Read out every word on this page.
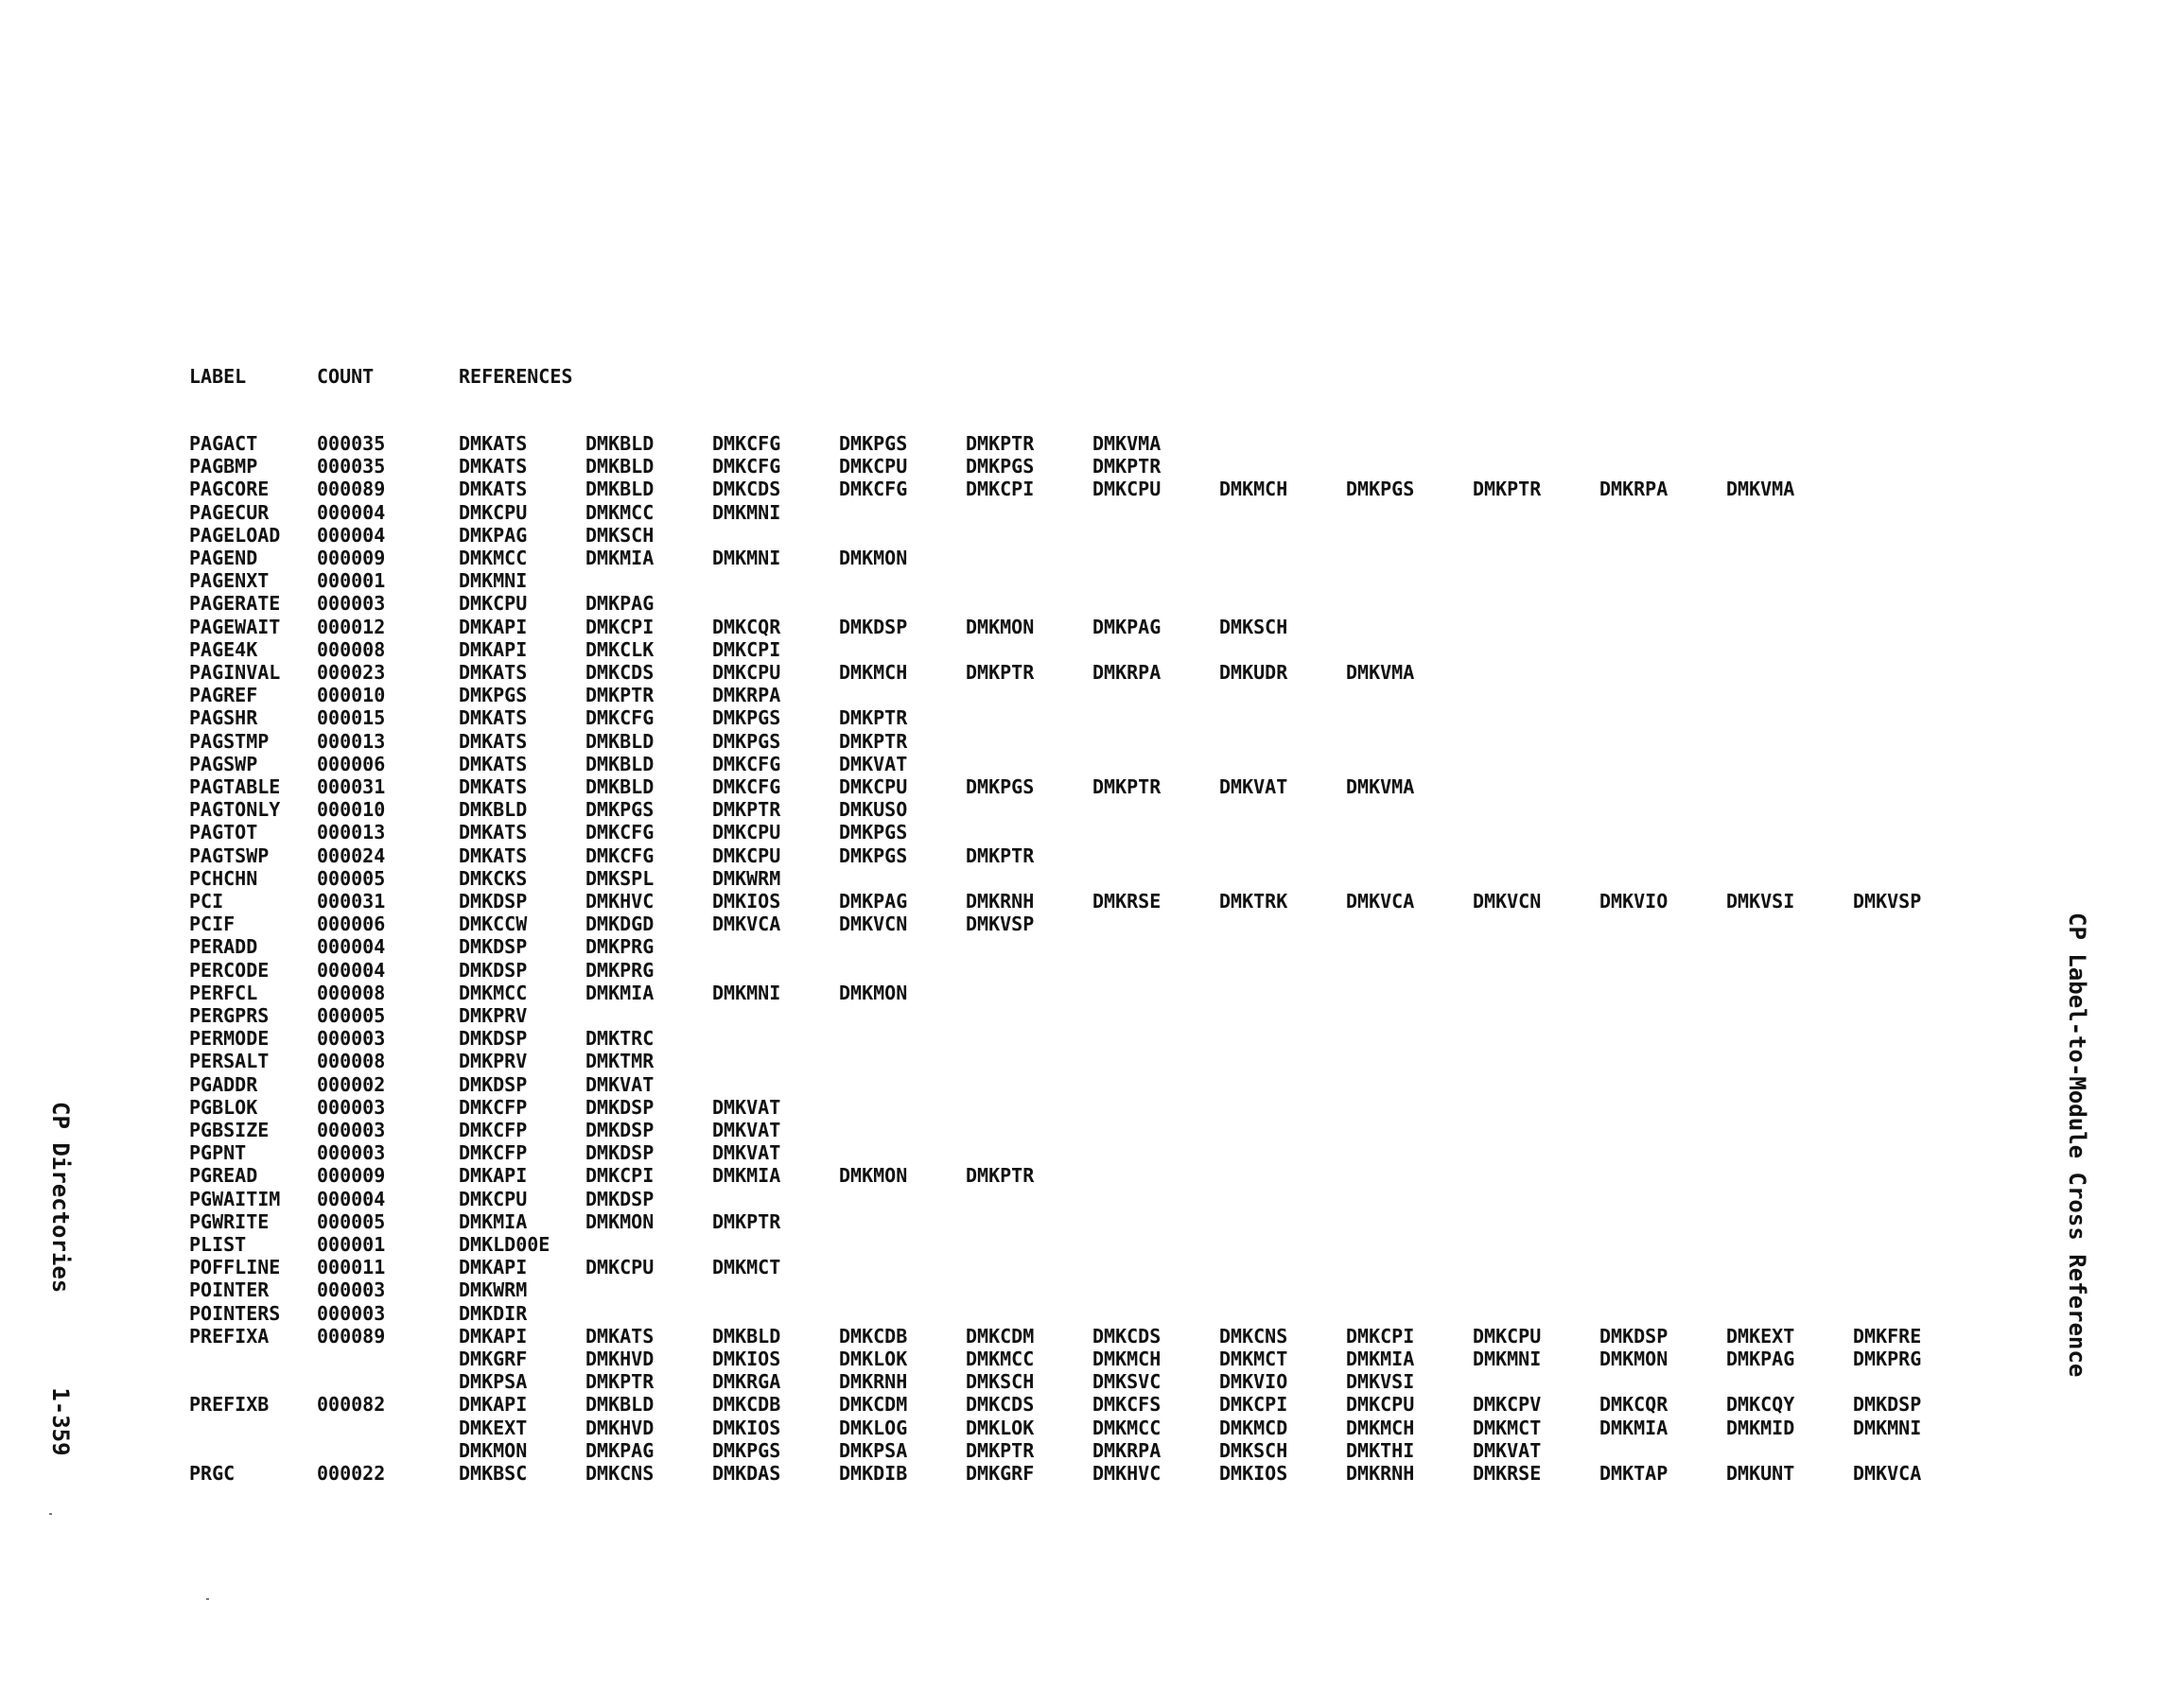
LABEL	COUNT	REFERENCES
PAGACT	000035	DMKATS	DMKBLD	DMKCFG	DMKPGS	DMKPTR	DMKVMA
PAGBMP	000035	DMKATS	DMKBLD	DMKCFG	DMKCPU	DMKPGS	DMKPTR
PAGCORE	000089	DMKATS	DMKBLD	DMKCDS	DMKCFG	DMKCPI	DMKCPU	DMKMCH	DMKPGS	DMKPTR	DMKRPA	DMKVMA
PAGECUR	000004	DMKCPU	DMKMCC	DMKMNI
PAGELOAD 000004	DMKPAG	DMKSCH
PAGEND	000009	DMKMCC	DMKMIA	DMKMNI	DMKMON
PAGENXT	000001	DMKMNI
PAGERATE 000003	DMKCPU	DMKPAG
PAGEWAIT 000012	DMKAPI	DMKCPI	DMKCQR	DMKDSP	DMKMON	DMKPAG	DMKSCH
PAGE4K	000008	DMKAPI	DMKCLK	DMKCPI
PAGINVAL 000023	DMKATS	DMKCDS	DMKCPU	DMKMCH	DMKPTR	DMKRPA	DMKUDR	DMKVMA
PAGREF	000010	DMKPGS	DMKPTR	DMKRPA
PAGSHR	000015	DMKATS	DMKCFG	DMKPGS	DMKPTR
PAGSTMP	000013	DMKATS	DMKBLD	DMKPGS	DMKPTR
PAGSWP	000006	DMKATS	DMKBLD	DMKCFG	DMKVAT
PAGTABLE 000031	DMKATS	DMKBLD	DMKCFG	DMKCPU	DMKPGS	DMKPTR	DMKVAT	DMKVMA
PAGTONLY 000010	DMKBLD	DMKPGS	DMKPTR	DMKUSO
PAGTOT	000013	DMKATS	DMKCFG	DMKCPU	DMKPGS
PAGTSWP	000024	DMKATS	DMKCFG	DMKCPU	DMKPGS	DMKPTR
PCHCHN	000005	DMKCKS	DMKSPL	DMKWRM
PCI	000031	DMKDSP	DMKHVC	DMKIOS	DMKPAG	DMKRNH	DMKRSE	DMKTRK	DMKVCA	DMKVCN	DMKVIO	DMKVSI	DMKVSP
PCIF	000006	DMKCCW	DMKDGD	DMKVCA	DMKVCN	DMKVSP
PERADD	000004	DMKDSP	DMKPRG
PERCODE	000004	DMKDSP	DMKPRG
PERFCL	000008	DMKMCC	DMKMIA	DMKMNI	DMKMON
PERGPRS	000005	DMKPRV
PERMODE	000003	DMKDSP	DMKTRC
PERSALT	000008	DMKPRV	DMKTMR
PGADDR	000002	DMKDSP	DMKVAT
PGBLOK	000003	DMKCFP	DMKDSP	DMKVAT
PGBSIZE	000003	DMKCFP	DMKDSP	DMKVAT
PGPNT	000003	DMKCFP	DMKDSP	DMKVAT
PGREAD	000009	DMKAPI	DMKCPI	DMKMIA	DMKMON	DMKPTR
PGWAITIM 000004	DMKCPU	DMKDSP
PGWRITE	000005	DMKMIA	DMKMON	DMKPTR
PLIST	000001	DMKLD00E
POFFLINE 000011	DMKAPI	DMKCPU	DMKMCT
POINTER	000003	DMKWRM
POINTERS 000003	DMKDIR
PREFIXA	000089	DMKAPI	DMKATS	DMKBLD	DMKCDB	DMKCDM	DMKCDS	DMKCNS	DMKCPI	DMKCPU	DMKDSP	DMKEXT	DMKFRE
DMKGRF	DMKHVD	DMKIOS	DMKLOK	DMKMCC	DMKMCH	DMKMCT	DMKMIA	DMKMNI	DMKMON	DMKPAG	DMKPRG
DMKPSA	DMKPTR	DMKRGA	DMKRNH	DMKSCH	DMKSVC	DMKVIO	DMKVSI
PREFIXB	000082	DMKAPI	DMKBLD	DMKCDB	DMKCDM	DMKCDS	DMKCFS	DMKCPI	DMKCPU	DMKCPV	DMKCQR	DMKCQY	DMKDSP
DMKEXT	DMKHVD	DMKIOS	DMKLOG	DMKLOK	DMKMCC	DMKMCD	DMKMCH	DMKMCT	DMKMIA	DMKMID	DMKMNI
DMKMON	DMKPAG	DMKPGS	DMKPSA	DMKPTR	DMKRPA	DMKSCH	DMKTHI	DMKVAT
PRGC	000022	DMKBSC	DMKCNS	DMKDAS	DMKDIB	DMKGRF	DMKHVC	DMKIOS	DMKRNH	DMKRSE	DMKTAP	DMKUNT	DMKVCA
CP Label-to-Module Cross Reference
CP Directories1-359
